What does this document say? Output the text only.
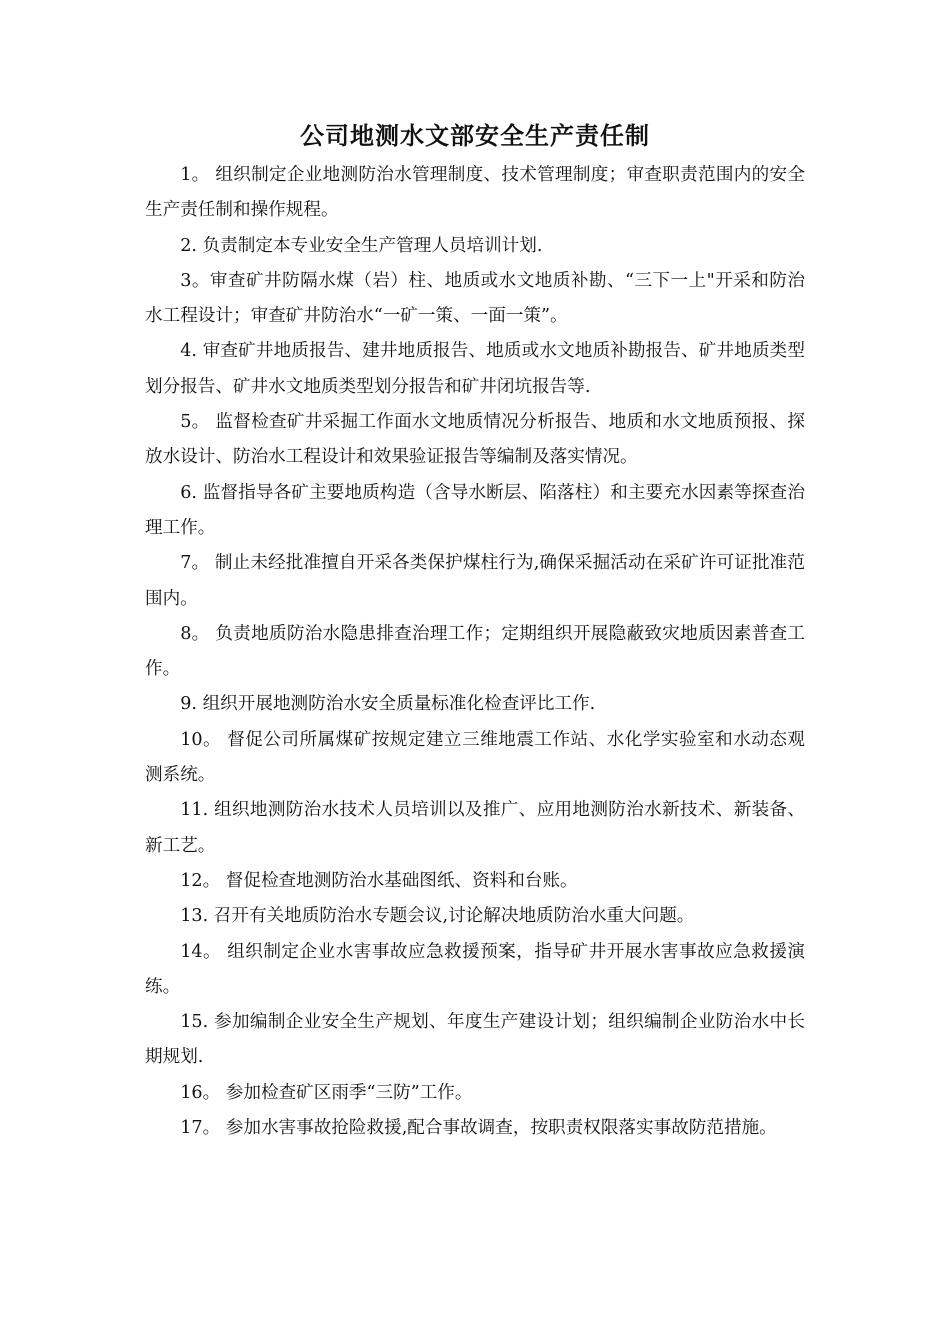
公司地测水文部安全生产责任制

1。 组织制定企业地测防治水管理制度、技术管理制度；审查职责范围内的安全生产责任制和操作规程。

2. 负责制定本专业安全生产管理人员培训计划.

3。审查矿井防隔水煤（岩）柱、地质或水文地质补勘、“三下一上"开采和防治水工程设计；审查矿井防治水“一矿一策、一面一策”。

4. 审查矿井地质报告、建井地质报告、地质或水文地质补勘报告、矿井地质类型划分报告、矿井水文地质类型划分报告和矿井闭坑报告等.

5。 监督检查矿井采掘工作面水文地质情况分析报告、地质和水文地质预报、探放水设计、防治水工程设计和效果验证报告等编制及落实情况。

6. 监督指导各矿主要地质构造（含导水断层、陷落柱）和主要充水因素等探查治理工作。

7。 制止未经批准擅自开采各类保护煤柱行为,确保采掘活动在采矿许可证批准范围内。

8。 负责地质防治水隐患排查治理工作；定期组织开展隐蔽致灾地质因素普查工作。

9. 组织开展地测防治水安全质量标准化检查评比工作.

10。 督促公司所属煤矿按规定建立三维地震工作站、水化学实验室和水动态观测系统。

11. 组织地测防治水技术人员培训以及推广、应用地测防治水新技术、新装备、新工艺。

12。 督促检查地测防治水基础图纸、资料和台账。

13. 召开有关地质防治水专题会议,讨论解决地质防治水重大问题。

14。 组织制定企业水害事故应急救援预案，指导矿井开展水害事故应急救援演练。

15. 参加编制企业安全生产规划、年度生产建设计划；组织编制企业防治水中长期规划.

16。 参加检查矿区雨季“三防”工作。

17。 参加水害事故抢险救援,配合事故调查，按职责权限落实事故防范措施。
